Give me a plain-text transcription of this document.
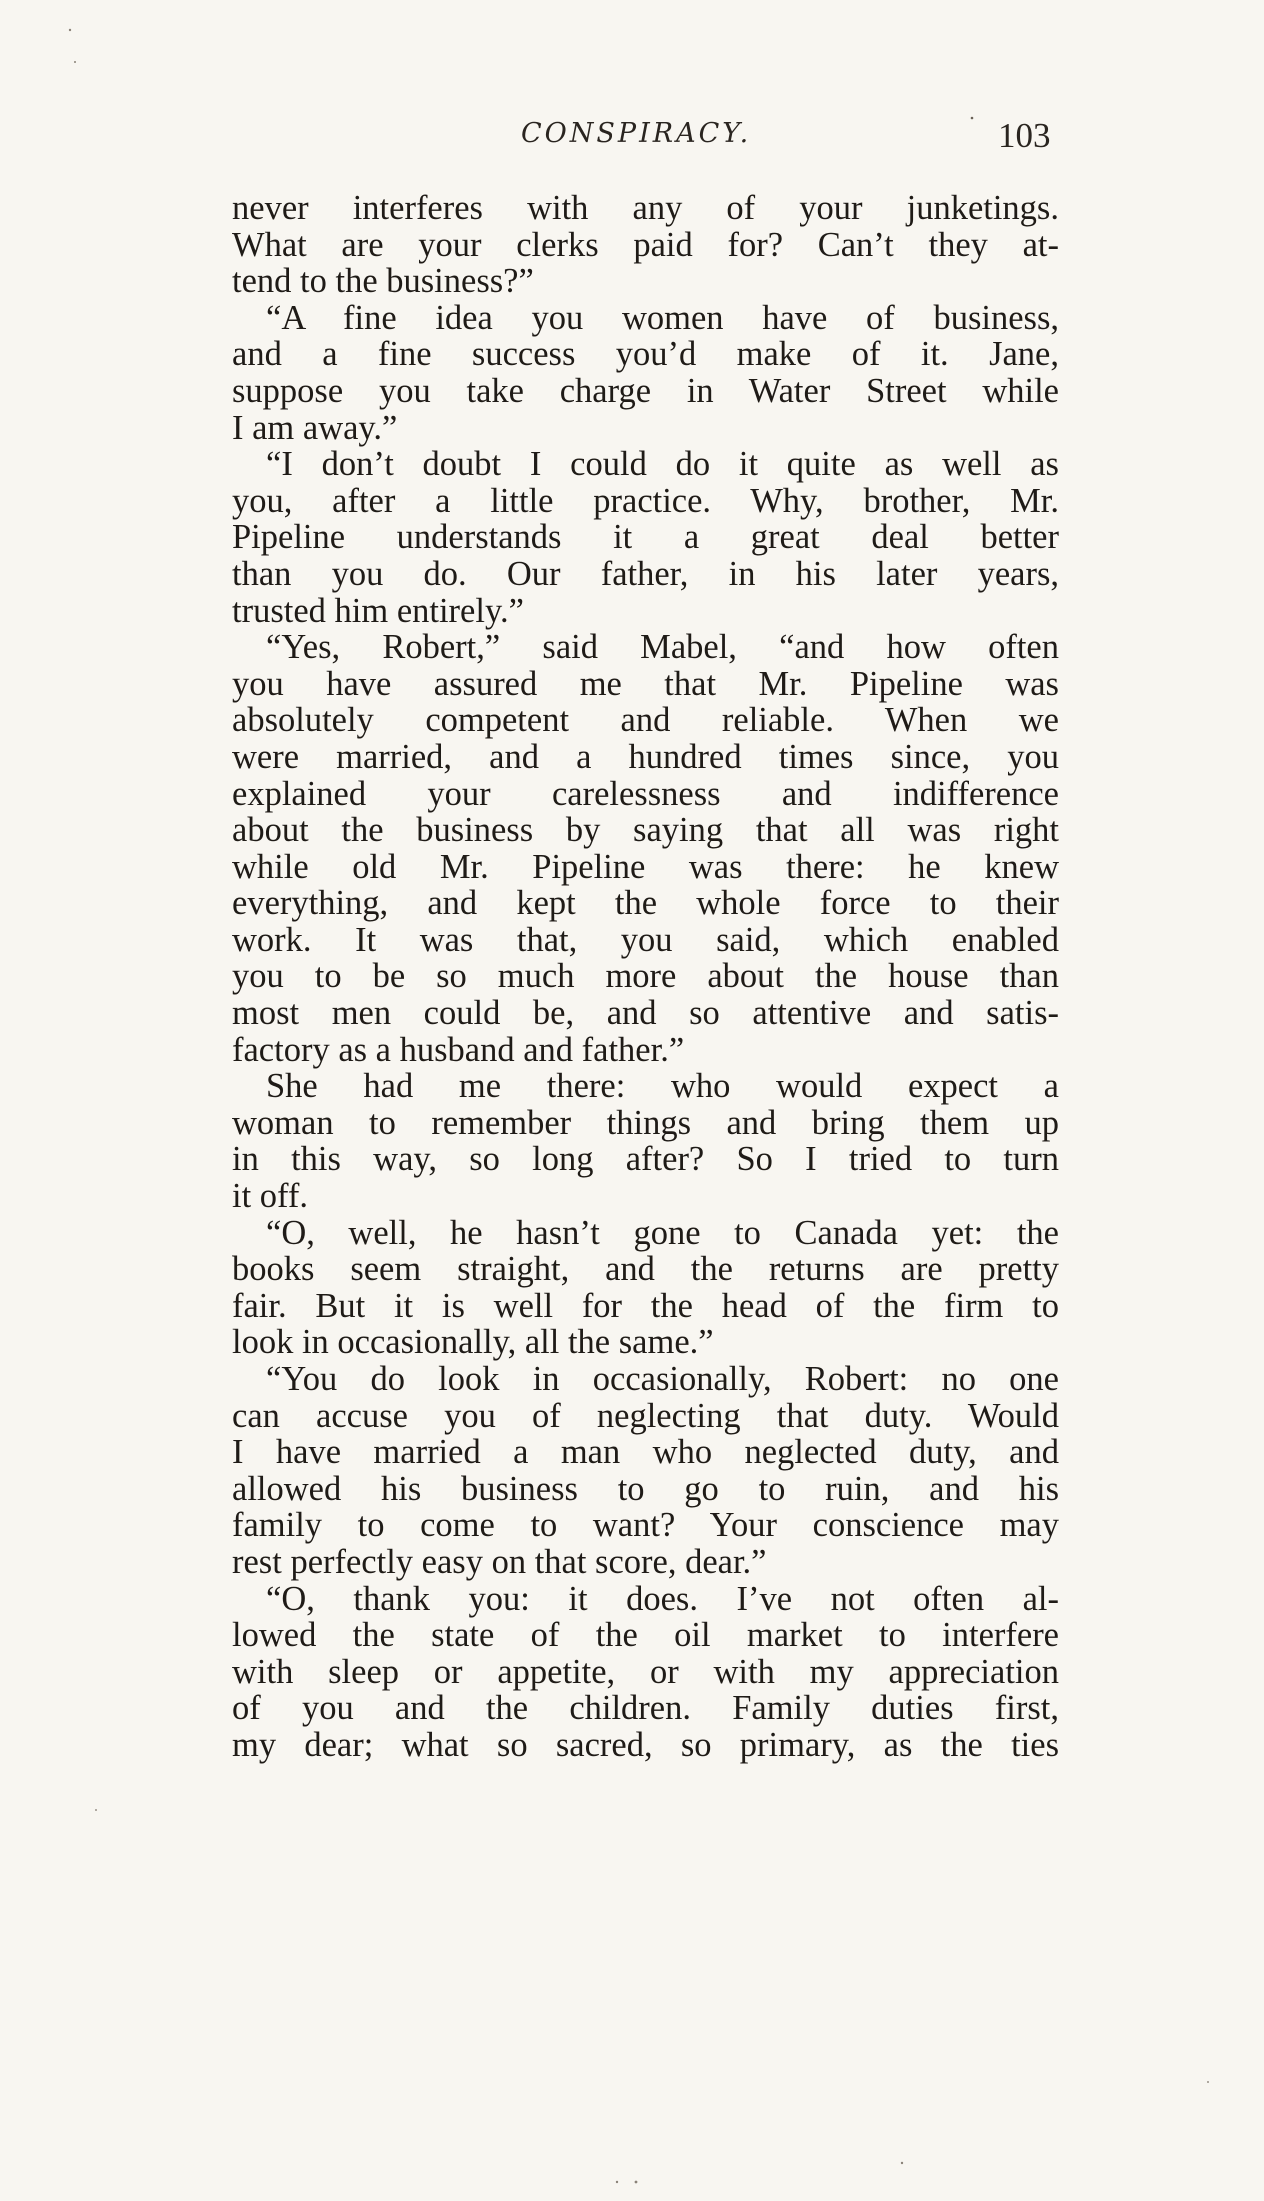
CONSPIRACY.	103
never interferes with any of your junketings.
What are your clerks paid for? Can’t they at-
tend to the business?”
“A fine idea you women have of business,
and a fine success you’d make of it. Jane,
suppose you take charge in Water Street while
I am away.”
“I don’t doubt I could do it quite as well as
you, after a little practice. Why, brother, Mr.
Pipeline understands it a great deal better
than you do. Our father, in his later years,
trusted him entirely.”
“Yes, Robert,” said Mabel, “and how often
you have assured me that Mr. Pipeline was
absolutely competent and reliable. When we
were married, and a hundred times since, you
explained your carelessness and indifference
about the business by saying that all was right
while old Mr. Pipeline was there: he knew
everything, and kept the whole force to their
work. It was that, you said, which enabled
you to be so much more about the house than
most men could be, and so attentive and satis-
factory as a husband and father.”
She had me there: who would expect a
woman to remember things and bring them up
in this way, so long after? So I tried to turn
it off.
“O, well, he hasn’t gone to Canada yet: the
books seem straight, and the returns are pretty
fair. But it is well for the head of the firm to
look in occasionally, all the same.”
“You do look in occasionally, Robert: no one
can accuse you of neglecting that duty. Would
I have married a man who neglected duty, and
allowed his business to go to ruin, and his
family to come to want? Your conscience may
rest perfectly easy on that score, dear.”
“O, thank you: it does. I’ve not often al-
lowed the state of the oil market to interfere
with sleep or appetite, or with my appreciation
of you and the children. Family duties first,
my dear; what so sacred, so primary, as the ties
